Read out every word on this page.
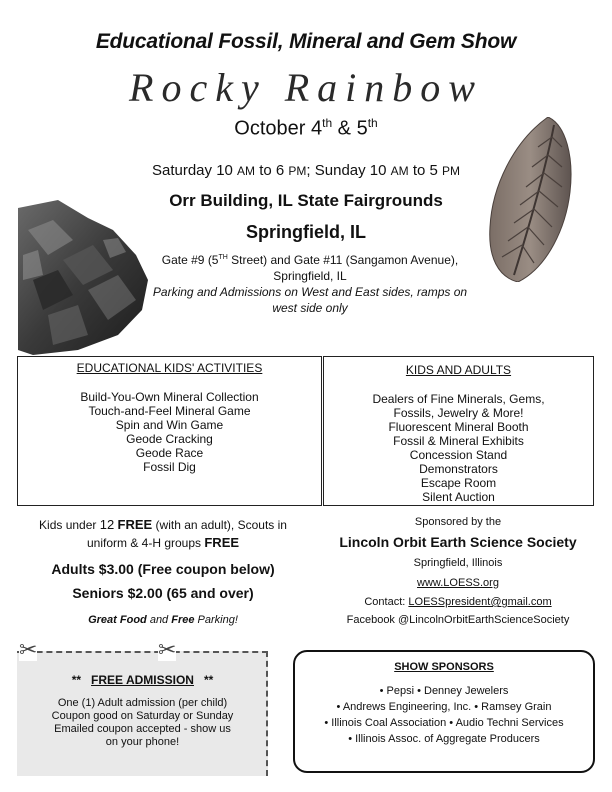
Educational Fossil, Mineral and Gem Show
Rocky Rainbow
October 4th & 5th
Saturday 10 AM to 6 PM; Sunday 10 AM to 5 PM
Orr Building, IL State Fairgrounds
Springfield, IL
Gate #9 (5TH Street) and Gate #11 (Sangamon Avenue), Springfield, IL
Parking and Admissions on West and East sides, ramps on west side only
EDUCATIONAL KIDS' ACTIVITIES
Build-You-Own Mineral Collection
Touch-and-Feel Mineral Game
Spin and Win Game
Geode Cracking
Geode Race
Fossil Dig
KIDS AND ADULTS
Dealers of Fine Minerals, Gems,
Fossils, Jewelry & More!
Fluorescent Mineral Booth
Fossil & Mineral Exhibits
Concession Stand
Demonstrators
Escape Room
Silent Auction
Kids under 12 FREE (with an adult), Scouts in uniform & 4-H groups FREE
Adults $3.00 (Free coupon below)
Seniors $2.00 (65 and over)
Great Food and Free Parking!
Sponsored by the
Lincoln Orbit Earth Science Society
Springfield, Illinois
www.LOESS.org
Contact: LOESSpresident@gmail.com
Facebook @LincolnOrbitEarthScienceSociety
✂	✂
** FREE ADMISSION **
One (1) Adult admission (per child)
Coupon good on Saturday or Sunday
Emailed coupon accepted - show us
on your phone!
SHOW SPONSORS
• Pepsi • Denney Jewelers
• Andrews Engineering, Inc. • Ramsey Grain
• Illinois Coal Association • Audio Techni Services
• Illinois Assoc. of Aggregate Producers
